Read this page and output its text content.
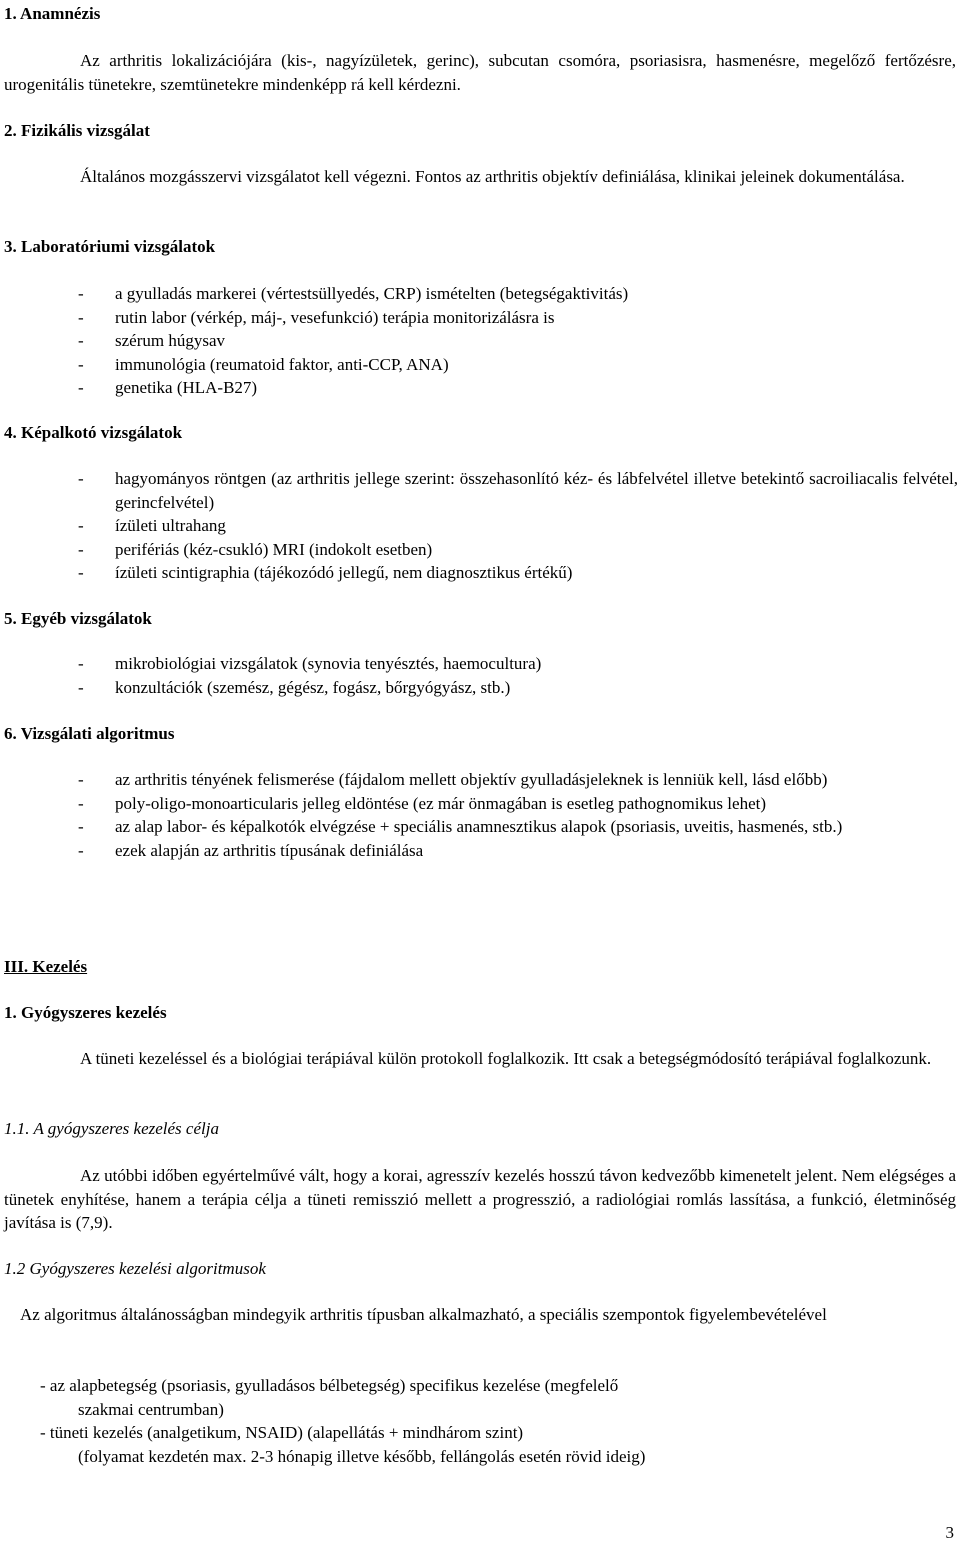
1. Anamnézis
Az arthritis lokalizációjára (kis-, nagyízületek, gerinc), subcutan csomóra, psoriasisra, hasmenésre, megelőző fertőzésre, urogenitális tünetekre, szemtünetekre mindenképp rá kell kérdezni.
2. Fizikális vizsgálat
Általános mozgásszervi vizsgálatot kell végezni. Fontos az arthritis objektív definiálása, klinikai jeleinek dokumentálása.
3. Laboratóriumi vizsgálatok
- a gyulladás markerei (vértestsüllyedés, CRP) ismételten (betegségaktivitás)
- rutin labor (vérkép, máj-, vesefunkció) terápia monitorizálásra is
- szérum húgysav
- immunológia (reumatoid faktor, anti-CCP, ANA)
- genetika (HLA-B27)
4. Képalkotó vizsgálatok
- hagyományos röntgen (az arthritis jellege szerint: összehasonlító kéz- és lábfelvétel illetve betekintő sacroiliacalis felvétel, gerincfelvétel)
- ízületi ultrahang
- perifériás (kéz-csukló) MRI (indokolt esetben)
- ízületi scintigraphia (tájékozódó jellegű, nem diagnosztikus értékű)
5. Egyéb vizsgálatok
- mikrobiológiai vizsgálatok (synovia tenyésztés, haemocultura)
- konzultációk (szemész, gégész, fogász, bőrgyógyász, stb.)
6. Vizsgálati algoritmus
- az arthritis tényének felismerése (fájdalom mellett objektív gyulladásjeleknek is lenniük kell, lásd előbb)
- poly-oligo-monoarticularis jelleg eldöntése (ez már önmagában is esetleg pathognomikus lehet)
- az alap labor- és képalkotók elvégzése + speciális anamnesztikus alapok (psoriasis, uveitis, hasmenés, stb.)
- ezek alapján az arthritis típusának definiálása
III. Kezelés
1. Gyógyszeres kezelés
A tüneti kezeléssel és a biológiai terápiával külön protokoll foglalkozik. Itt csak a betegségmódosító terápiával foglalkozunk.
1.1. A gyógyszeres kezelés célja
Az utóbbi időben egyértelművé vált, hogy a korai, agresszív kezelés hosszú távon kedvezőbb kimenetelt jelent. Nem elégséges a tünetek enyhítése, hanem a terápia célja a tüneti remisszió mellett a progresszió, a radiológiai romlás lassítása, a funkció, életminőség javítása is (7,9).
1.2 Gyógyszeres kezelési algoritmusok
Az algoritmus általánosságban mindegyik arthritis típusban alkalmazható, a speciális szempontok figyelembevételével
- az alapbetegség (psoriasis, gyulladásos bélbetegség) specifikus kezelése (megfelelő
szakmai centrumban)
- tüneti kezelés (analgetikum, NSAID) (alapellátás + mindhárom szint)
(folyamat kezdetén max. 2-3 hónapig illetve később, fellángolás esetén rövid ideig)
3
